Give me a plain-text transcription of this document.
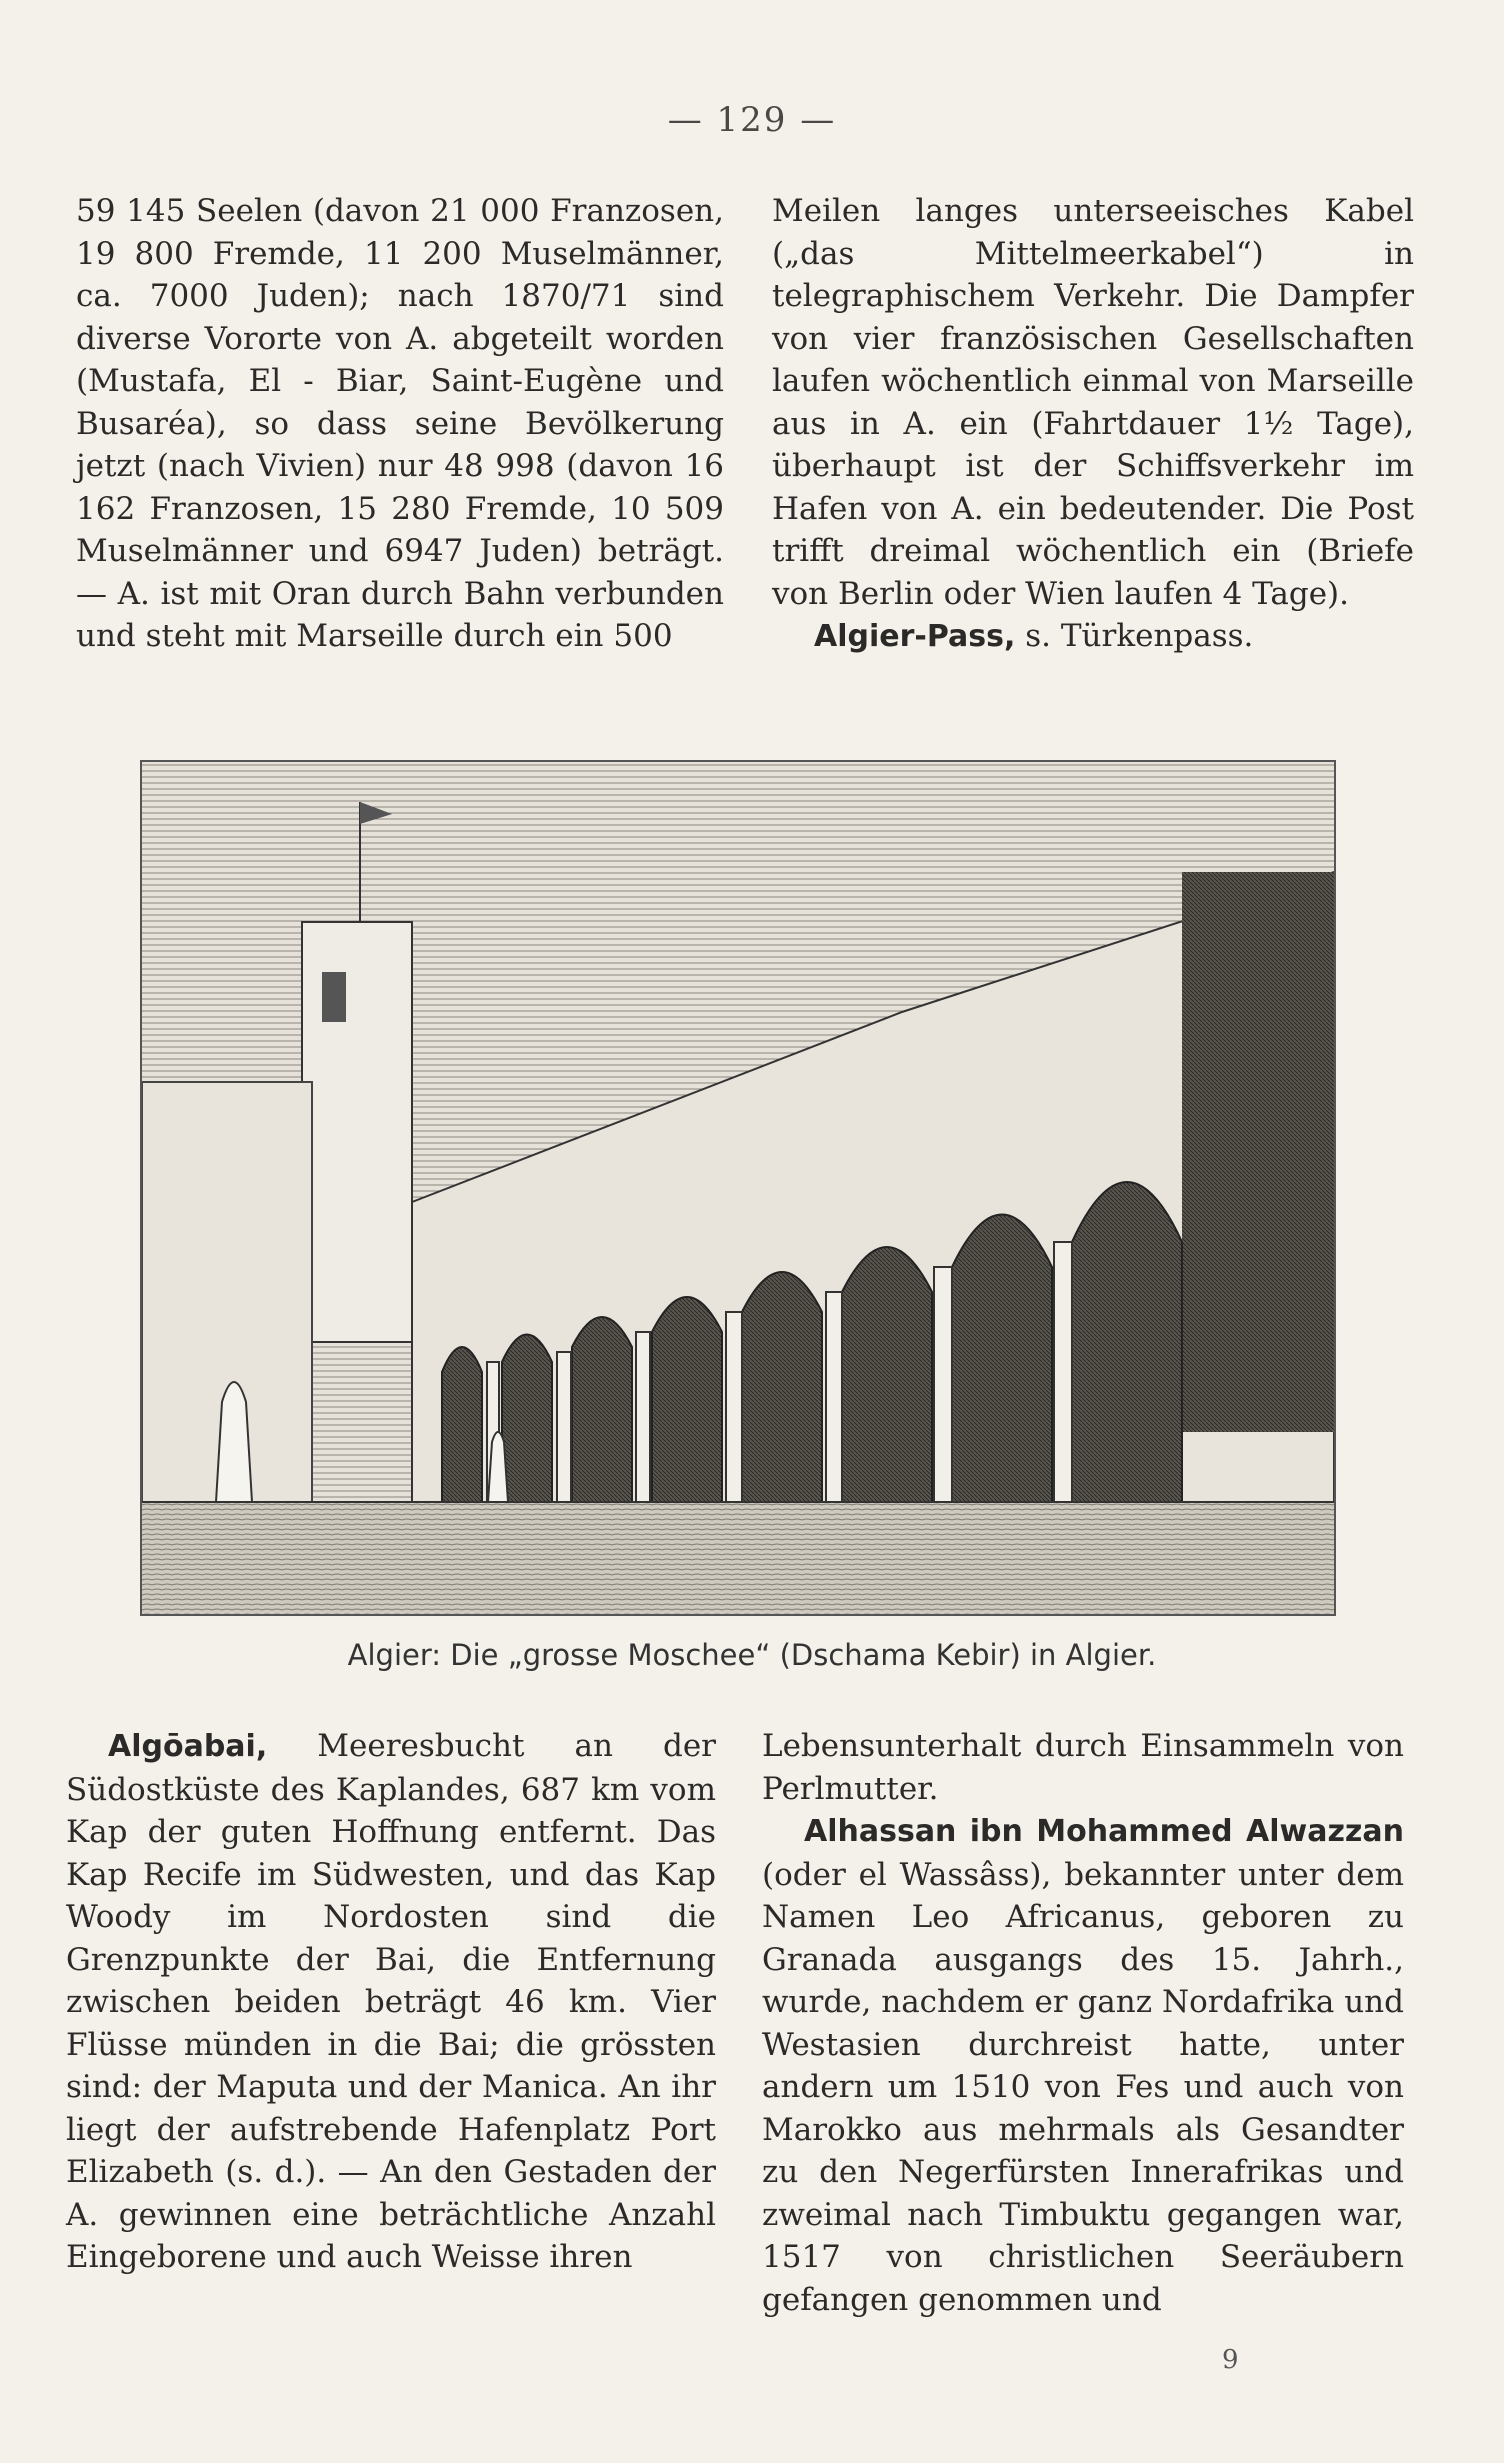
— 129 —

59 145 Seelen (davon 21 000 Franzosen, 19 800 Fremde, 11 200 Muselmänner, ca. 7000 Juden); nach 1870/71 sind diverse Vororte von A. abgeteilt worden (Mustafa, El - Biar, Saint-Eugène und Busaréa), so dass seine Bevölkerung jetzt (nach Vivien) nur 48 998 (davon 16 162 Franzosen, 15 280 Fremde, 10 509 Muselmänner und 6947 Juden) beträgt. — A. ist mit Oran durch Bahn verbunden und steht mit Marseille durch ein 500

Meilen langes unterseeisches Kabel („das Mittelmeerkabel“) in telegraphischem Verkehr. Die Dampfer von vier französischen Gesellschaften laufen wöchentlich einmal von Marseille aus in A. ein (Fahrtdauer 1½ Tage), überhaupt ist der Schiffsverkehr im Hafen von A. ein bedeutender. Die Post trifft dreimal wöchentlich ein (Briefe von Berlin oder Wien laufen 4 Tage).

Algier-Pass, s. Türkenpass.

Algier: Die „grosse Moschee“ (Dschama Kebir) in Algier.

Algōabai, Meeresbucht an der Südostküste des Kaplandes, 687 km vom Kap der guten Hoffnung entfernt. Das Kap Recife im Südwesten, und das Kap Woody im Nordosten sind die Grenzpunkte der Bai, die Entfernung zwischen beiden beträgt 46 km. Vier Flüsse münden in die Bai; die grössten sind: der Maputa und der Manica. An ihr liegt der aufstrebende Hafenplatz Port Elizabeth (s. d.). — An den Gestaden der A. gewinnen eine beträchtliche Anzahl Eingeborene und auch Weisse ihren

Lebensunterhalt durch Einsammeln von Perlmutter.

Alhassan ibn Mohammed Alwazzan (oder el Wassâss), bekannter unter dem Namen Leo Africanus, geboren zu Granada ausgangs des 15. Jahrh., wurde, nachdem er ganz Nordafrika und Westasien durchreist hatte, unter andern um 1510 von Fes und auch von Marokko aus mehrmals als Gesandter zu den Negerfürsten Innerafrikas und zweimal nach Timbuktu gegangen war, 1517 von christlichen Seeräubern gefangen genommen und

9
